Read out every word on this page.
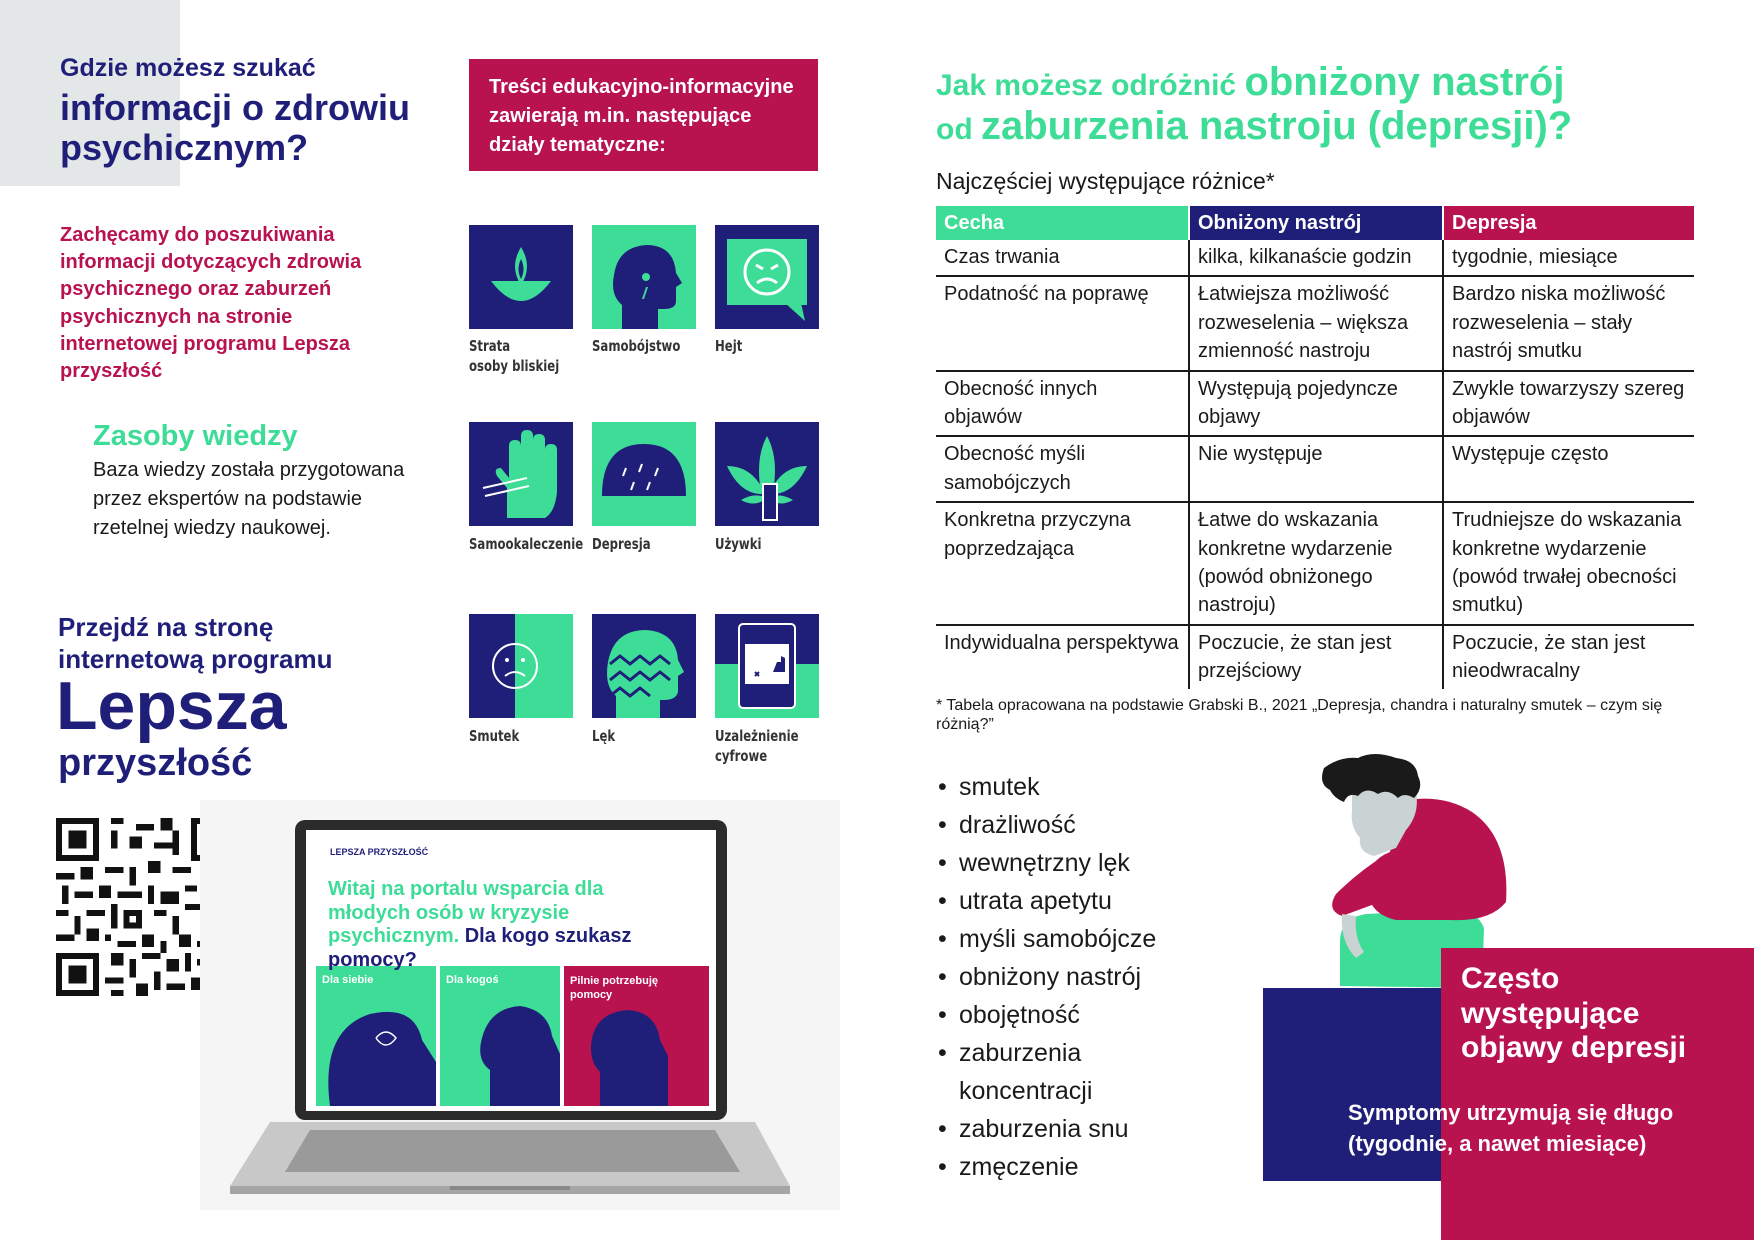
Gdzie możesz szukać
informacji o zdrowiu psychicznym?
Zachęcamy do poszukiwania informacji dotyczących zdrowia psychicznego oraz zaburzeń psychicznych na stronie internetowej programu Lepsza przyszłość
Zasoby wiedzy
Baza wiedzy została przygotowana przez ekspertów na podstawie rzetelnej wiedzy naukowej.
Przejdź na stronę internetową programu
Lepsza
przyszłość
Treści edukacyjno-informacyjne zawierają m.in. następujące działy tematyczne:
Strata
osoby bliskiej
Samobójstwo Hejt
Samookaleczenie Depresja	Używki
Smutek	Lęk	Uzależnienie
cyfrowe
LEPSZA PRZYSZŁOŚĆ
Witaj na portalu wsparcia dla młodych osób w kryzysie psychicznym. Dla kogo szukasz pomocy?
Dla siebie	Dla kogoś	Pilnie potrzebuję pomocy
Jak możesz odróżnić obniżony nastrój
od zaburzenia nastroju (depresji)?
Najczęściej występujące różnice*
Cecha	Obniżony nastrój	Depresja
Czas trwania	kilka, kilkanaście godzin	tygodnie, miesiące
Podatność na poprawę	Łatwiejsza możliwość rozweselenia – większa zmienność nastroju	Bardzo niska możliwość rozweselenia – stały nastrój smutku
Obecność innych objawów	Występują pojedyncze objawy	Zwykle towarzyszy szereg objawów
Obecność myśli samobójczych	Nie występuje	Występuje często
Konkretna przyczyna poprzedzająca	Łatwe do wskazania konkretne wydarzenie (powód obniżonego nastroju)	Trudniejsze do wskazania konkretne wydarzenie (powód trwałej obecności smutku)
Indywidualna perspektywa	Poczucie, że stan jest przejściowy	Poczucie, że stan jest nieodwracalny
* Tabela opracowana na podstawie Grabski B., 2021 „Depresja, chandra i naturalny smutek – czym się różnią?”
• smutek
• drażliwość
• wewnętrzny lęk
• utrata apetytu
• myśli samobójcze
• obniżony nastrój
• obojętność
• zaburzenia koncentracji
• zaburzenia snu
• zmęczenie
Często występujące objawy depresji
Symptomy utrzymują się długo (tygodnie, a nawet miesiące)
